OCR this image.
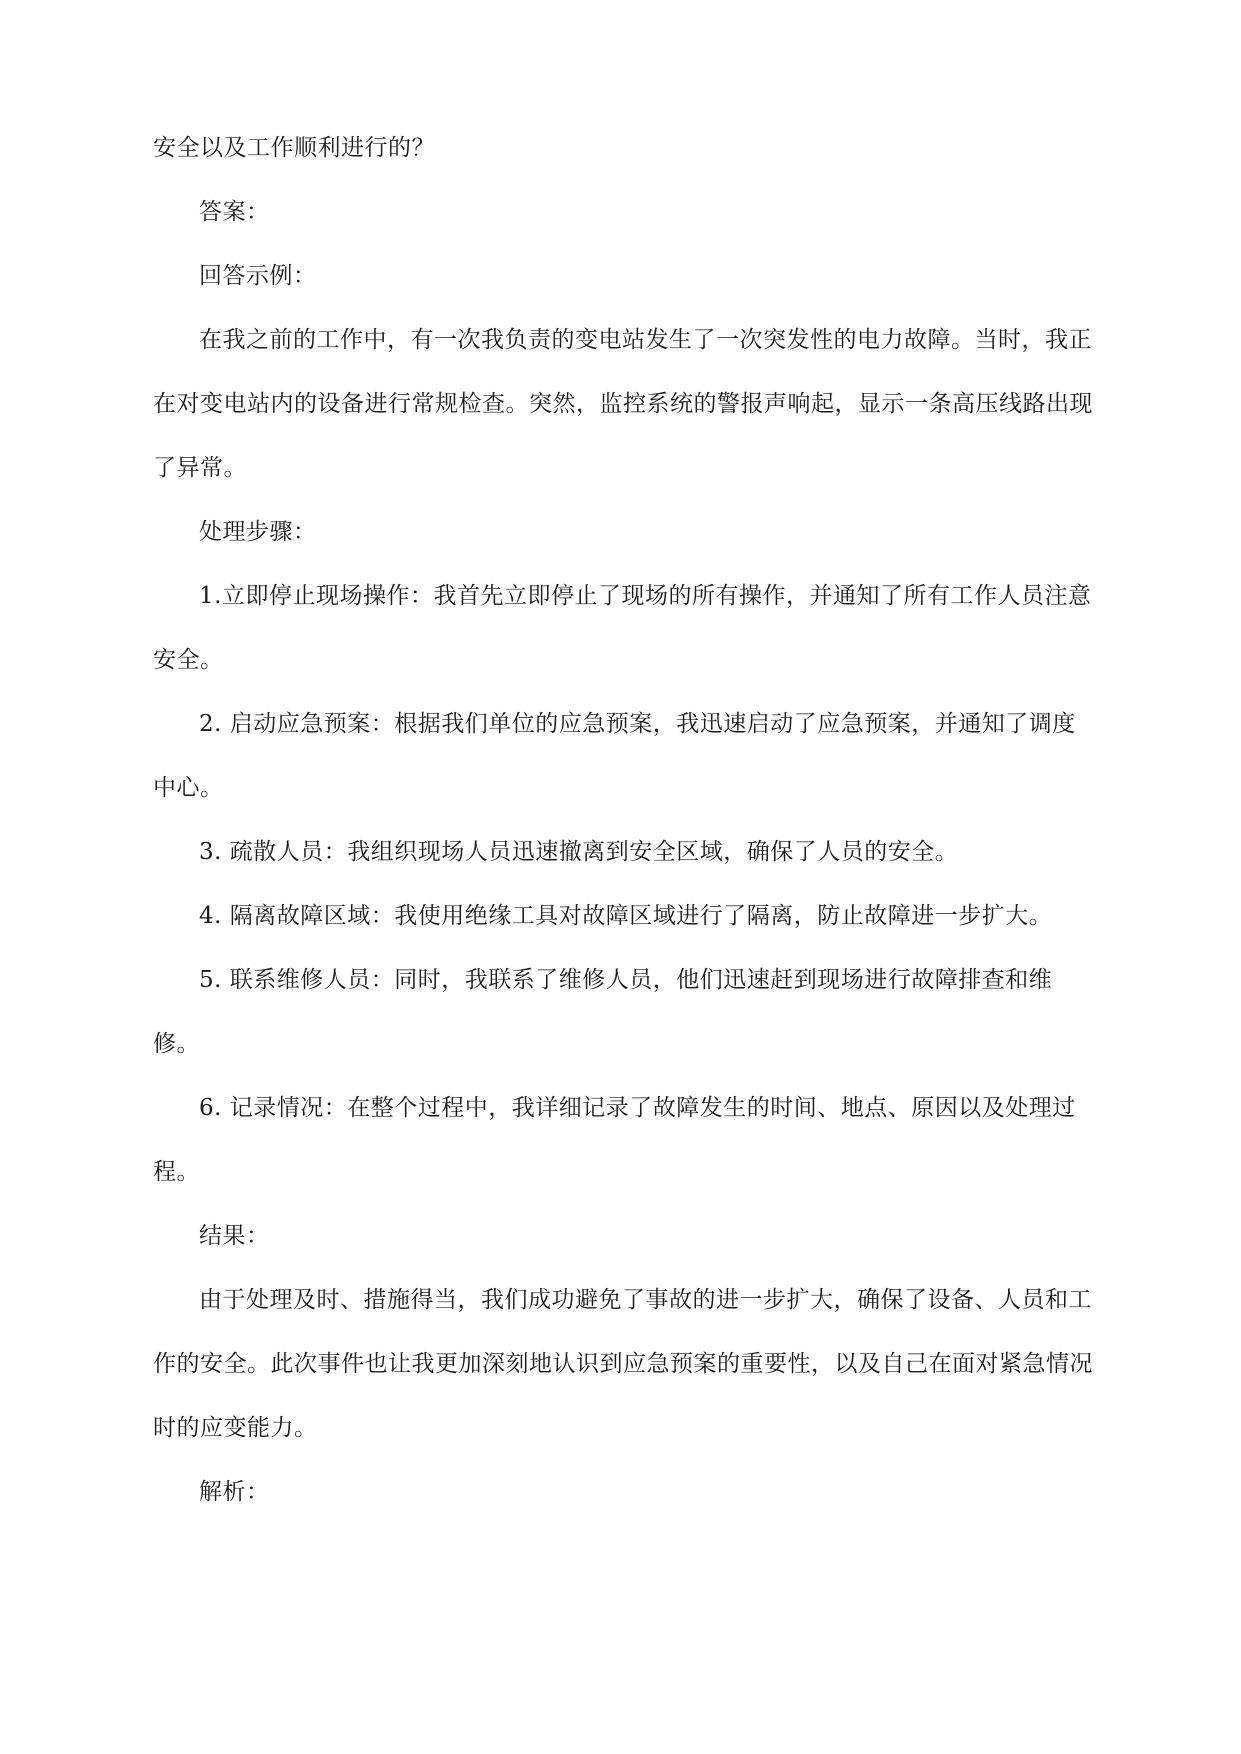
安全以及工作顺利进行的？

答案：

回答示例：

在我之前的工作中，有一次我负责的变电站发生了一次突发性的电力故障。当时，我正在对变电站内的设备进行常规检查。突然，监控系统的警报声响起，显示一条高压线路出现了异常。

处理步骤：

1.立即停止现场操作：我首先立即停止了现场的所有操作，并通知了所有工作人员注意安全。

2. 启动应急预案：根据我们单位的应急预案，我迅速启动了应急预案，并通知了调度中心。

3. 疏散人员：我组织现场人员迅速撤离到安全区域，确保了人员的安全。

4. 隔离故障区域：我使用绝缘工具对故障区域进行了隔离，防止故障进一步扩大。

5. 联系维修人员：同时，我联系了维修人员，他们迅速赶到现场进行故障排查和维修。

6. 记录情况：在整个过程中，我详细记录了故障发生的时间、地点、原因以及处理过程。

结果：

由于处理及时、措施得当，我们成功避免了事故的进一步扩大，确保了设备、人员和工作的安全。此次事件也让我更加深刻地认识到应急预案的重要性，以及自己在面对紧急情况时的应变能力。

解析：
